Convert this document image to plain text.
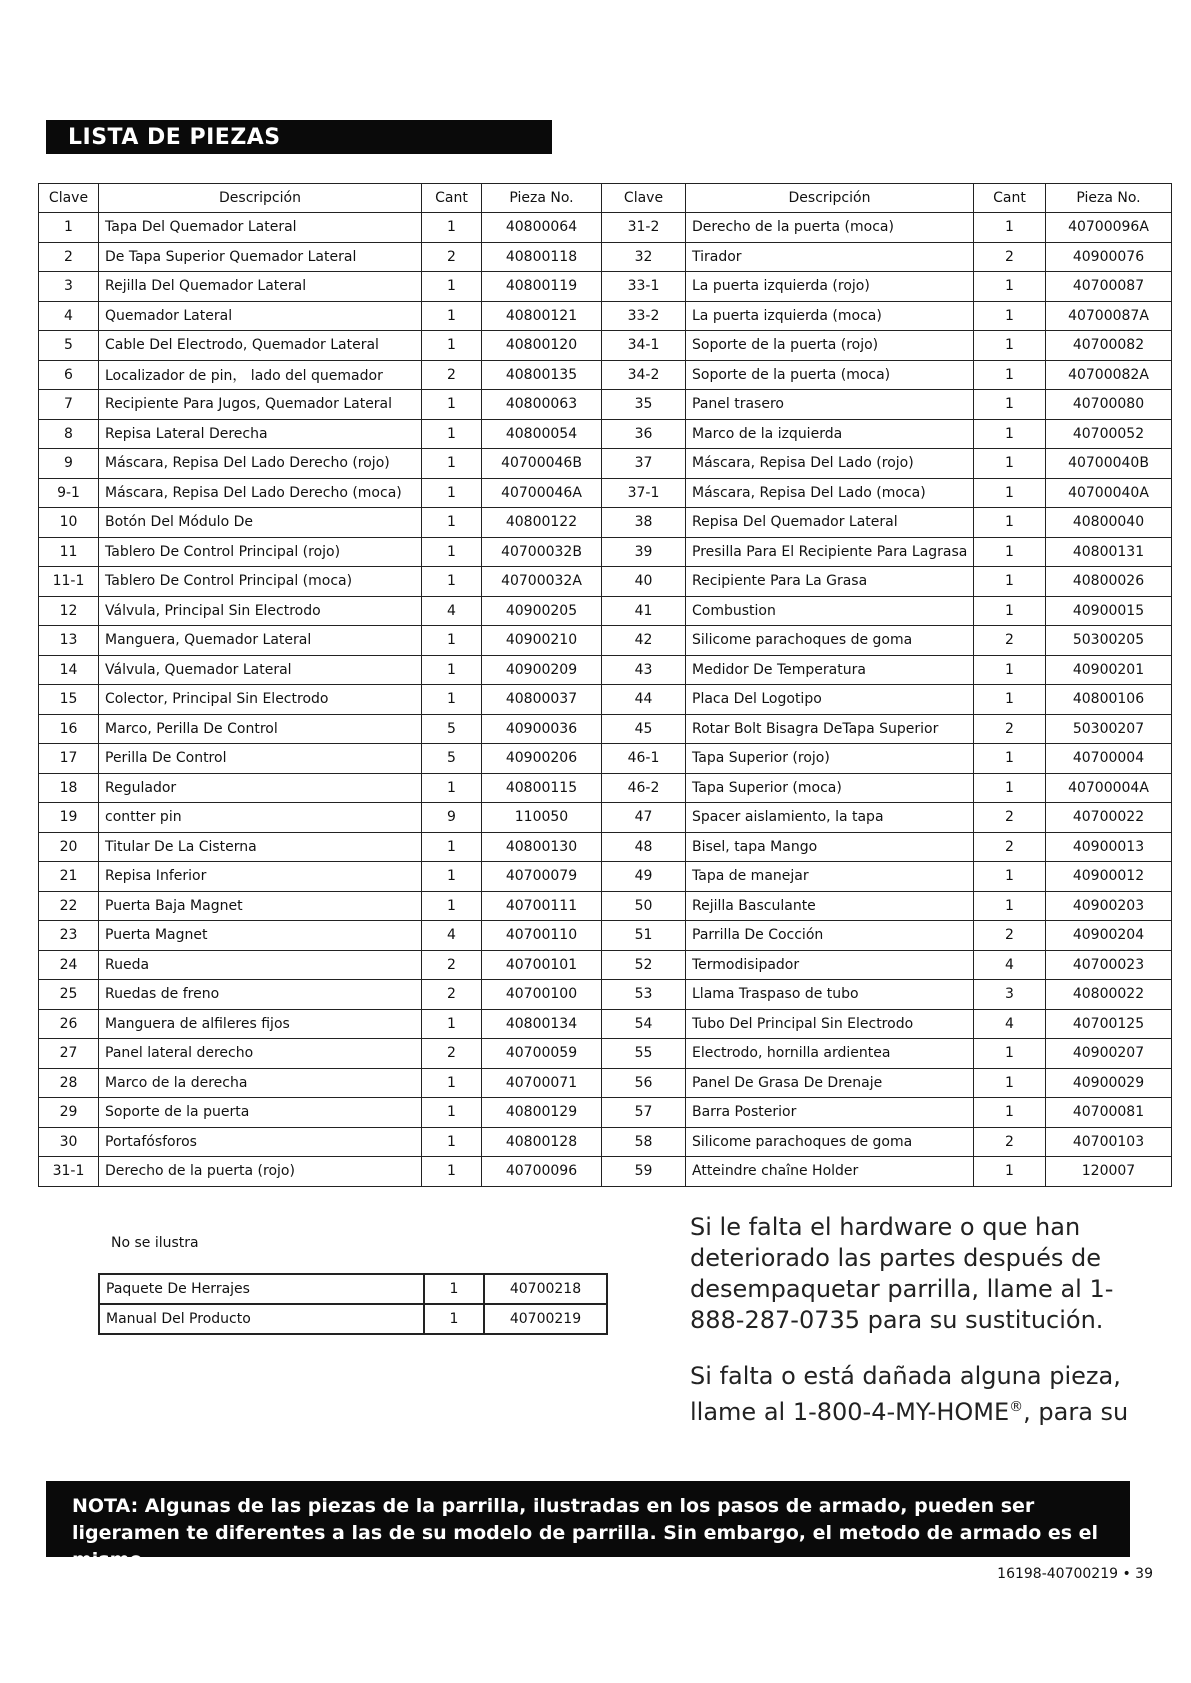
LISTA DE PIEZAS
Clave	Descripción	Cant	Pieza No.	Clave	Descripción	Cant	Pieza No.
1	Tapa Del Quemador Lateral	1	40800064	31-2	Derecho de la puerta (moca)	1	40700096A
2	De Tapa Superior Quemador Lateral	2	40800118	32	Tirador	2	40900076
3	Rejilla Del Quemador Lateral	1	40800119	33-1	La puerta izquierda (rojo)	1	40700087
4	Quemador Lateral	1	40800121	33-2	La puerta izquierda (moca)	1	40700087A
5	Cable Del Electrodo, Quemador Lateral	1	40800120	34-1	Soporte de la puerta (rojo)	1	40700082
6	Localizador de pin， lado del quemador	2	40800135	34-2	Soporte de la puerta (moca)	1	40700082A
7	Recipiente Para Jugos, Quemador Lateral	1	40800063	35	Panel trasero	1	40700080
8	Repisa Lateral Derecha	1	40800054	36	Marco de la izquierda	1	40700052
9	Máscara, Repisa Del Lado Derecho (rojo)	1	40700046B	37	Máscara, Repisa Del Lado (rojo)	1	40700040B
9-1	Máscara, Repisa Del Lado Derecho (moca)	1	40700046A	37-1	Máscara, Repisa Del Lado (moca)	1	40700040A
10	Botón Del Módulo De	1	40800122	38	Repisa Del Quemador Lateral	1	40800040
11	Tablero De Control Principal (rojo)	1	40700032B	39	Presilla Para El Recipiente Para Lagrasa	1	40800131
11-1	Tablero De Control Principal (moca)	1	40700032A	40	Recipiente Para La Grasa	1	40800026
12	Válvula, Principal Sin Electrodo	4	40900205	41	Combustion	1	40900015
13	Manguera, Quemador Lateral	1	40900210	42	Silicome parachoques de goma	2	50300205
14	Válvula, Quemador Lateral	1	40900209	43	Medidor De Temperatura	1	40900201
15	Colector, Principal Sin Electrodo	1	40800037	44	Placa Del Logotipo	1	40800106
16	Marco, Perilla De Control	5	40900036	45	Rotar Bolt Bisagra DeTapa Superior	2	50300207
17	Perilla De Control	5	40900206	46-1	Tapa Superior (rojo)	1	40700004
18	Regulador	1	40800115	46-2	Tapa Superior (moca)	1	40700004A
19	contter pin	9	110050	47	Spacer aislamiento, la tapa	2	40700022
20	Titular De La Cisterna	1	40800130	48	Bisel, tapa Mango	2	40900013
21	Repisa Inferior	1	40700079	49	Tapa de manejar	1	40900012
22	Puerta Baja Magnet	1	40700111	50	Rejilla Basculante	1	40900203
23	Puerta Magnet	4	40700110	51	Parrilla De Cocción	2	40900204
24	Rueda	2	40700101	52	Termodisipador	4	40700023
25	Ruedas de freno	2	40700100	53	Llama Traspaso de tubo	3	40800022
26	Manguera de alfileres fijos	1	40800134	54	Tubo Del Principal Sin Electrodo	4	40700125
27	Panel lateral derecho	2	40700059	55	Electrodo, hornilla ardientea	1	40900207
28	Marco de la derecha	1	40700071	56	Panel De Grasa De Drenaje	1	40900029
29	Soporte de la puerta	1	40800129	57	Barra Posterior	1	40700081
30	Portafósforos	1	40800128	58	Silicome parachoques de goma	2	40700103
31-1	Derecho de la puerta (rojo)	1	40700096	59	Atteindre chaîne Holder	1	120007
No se ilustra
Paquete De Herrajes	1	40700218
Manual Del Producto	1	40700219

Si le falta el hardware o que han deteriorado las partes después de desempaquetar parrilla, llame al 1-888-287-0735 para su sustitución.

Si falta o está dañada alguna pieza, llame al 1-800-4-MY-HOME®, para su

NOTA: Algunas de las piezas de la parrilla, ilustradas en los pasos de armado, pueden ser ligeramen te diferentes a las de su modelo de parrilla. Sin embargo, el metodo de armado es el mismo.
16198-40700219 • 39
